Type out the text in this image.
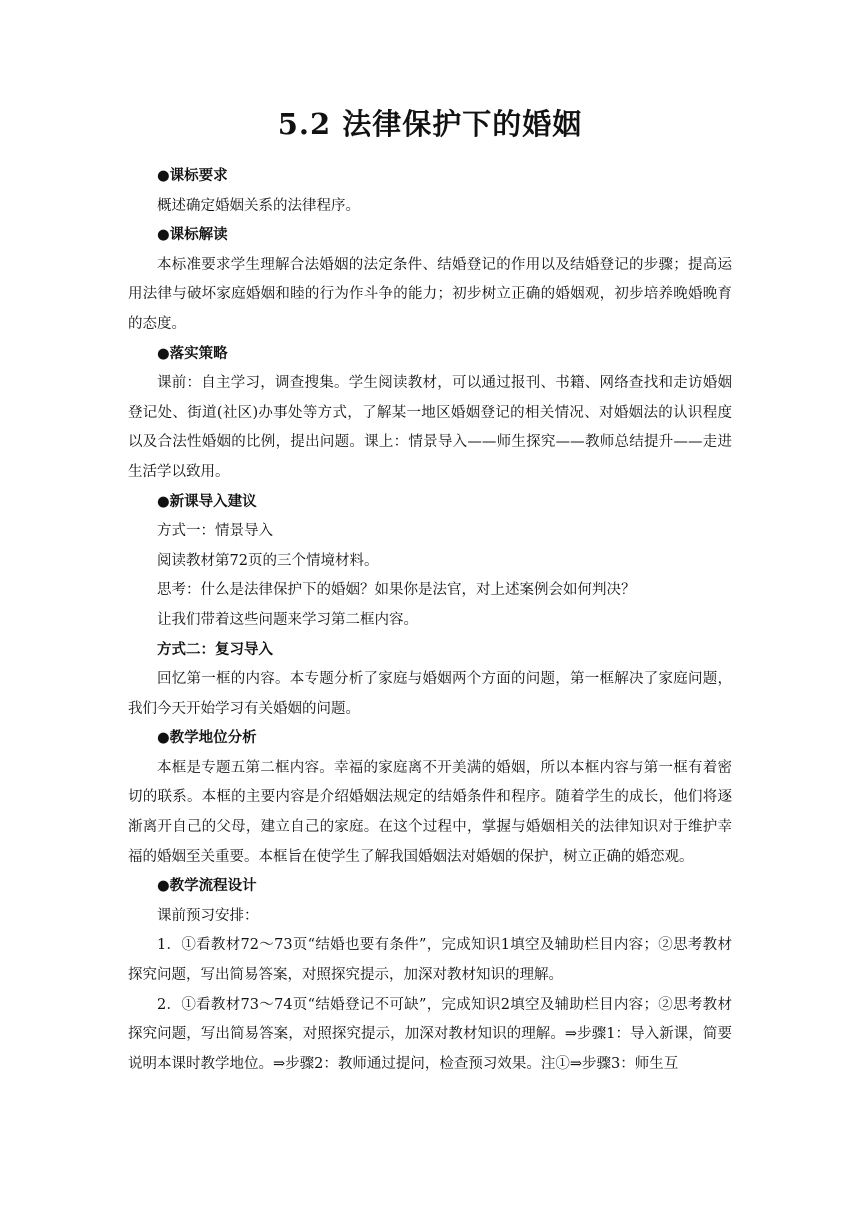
5.2 法律保护下的婚姻

●课标要求

概述确定婚姻关系的法律程序。

●课标解读

本标准要求学生理解合法婚姻的法定条件、结婚登记的作用以及结婚登记的步骤；提高运用法律与破坏家庭婚姻和睦的行为作斗争的能力；初步树立正确的婚姻观，初步培养晚婚晚育的态度。

●落实策略

课前：自主学习，调查搜集。学生阅读教材，可以通过报刊、书籍、网络查找和走访婚姻登记处、街道(社区)办事处等方式，了解某一地区婚姻登记的相关情况、对婚姻法的认识程度以及合法性婚姻的比例，提出问题。课上：情景导入——师生探究——教师总结提升——走进生活学以致用。

●新课导入建议

方式一：情景导入

阅读教材第72页的三个情境材料。

思考：什么是法律保护下的婚姻？如果你是法官，对上述案例会如何判决？

让我们带着这些问题来学习第二框内容。

方式二：复习导入

回忆第一框的内容。本专题分析了家庭与婚姻两个方面的问题，第一框解决了家庭问题，我们今天开始学习有关婚姻的问题。

●教学地位分析

本框是专题五第二框内容。幸福的家庭离不开美满的婚姻，所以本框内容与第一框有着密切的联系。本框的主要内容是介绍婚姻法规定的结婚条件和程序。随着学生的成长，他们将逐渐离开自己的父母，建立自己的家庭。在这个过程中，掌握与婚姻相关的法律知识对于维护幸福的婚姻至关重要。本框旨在使学生了解我国婚姻法对婚姻的保护，树立正确的婚恋观。

●教学流程设计

课前预习安排：

1．①看教材72～73页“结婚也要有条件”，完成知识1填空及辅助栏目内容；②思考教材探究问题，写出简易答案，对照探究提示，加深对教材知识的理解。

2．①看教材73～74页“结婚登记不可缺”，完成知识2填空及辅助栏目内容；②思考教材探究问题，写出简易答案，对照探究提示，加深对教材知识的理解。⇒步骤1：导入新课，简要说明本课时教学地位。⇒步骤2：教师通过提问，检查预习效果。注①⇒步骤3：师生互
